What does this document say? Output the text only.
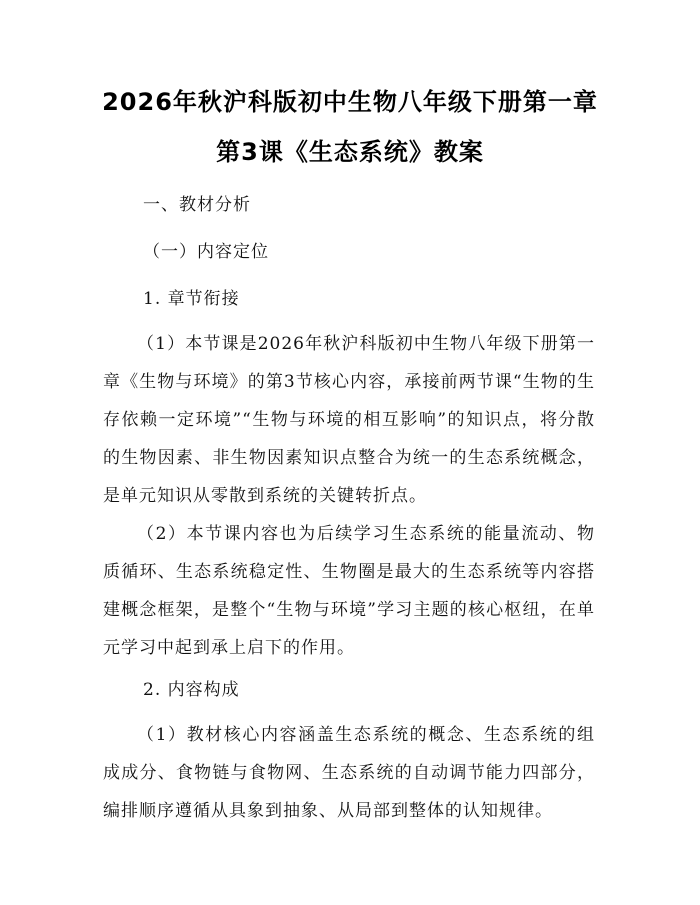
2026年秋沪科版初中生物八年级下册第一章
第3课《生态系统》教案
一、教材分析
（一）内容定位
1. 章节衔接
（1）本节课是2026年秋沪科版初中生物八年级下册第一章《生物与环境》的第3节核心内容，承接前两节课“生物的生存依赖一定环境”“生物与环境的相互影响”的知识点，将分散的生物因素、非生物因素知识点整合为统一的生态系统概念，是单元知识从零散到系统的关键转折点。
（2）本节课内容也为后续学习生态系统的能量流动、物质循环、生态系统稳定性、生物圈是最大的生态系统等内容搭建概念框架，是整个“生物与环境”学习主题的核心枢纽，在单元学习中起到承上启下的作用。
2. 内容构成
（1）教材核心内容涵盖生态系统的概念、生态系统的组成成分、食物链与食物网、生态系统的自动调节能力四部分，编排顺序遵循从具象到抽象、从局部到整体的认知规律。
